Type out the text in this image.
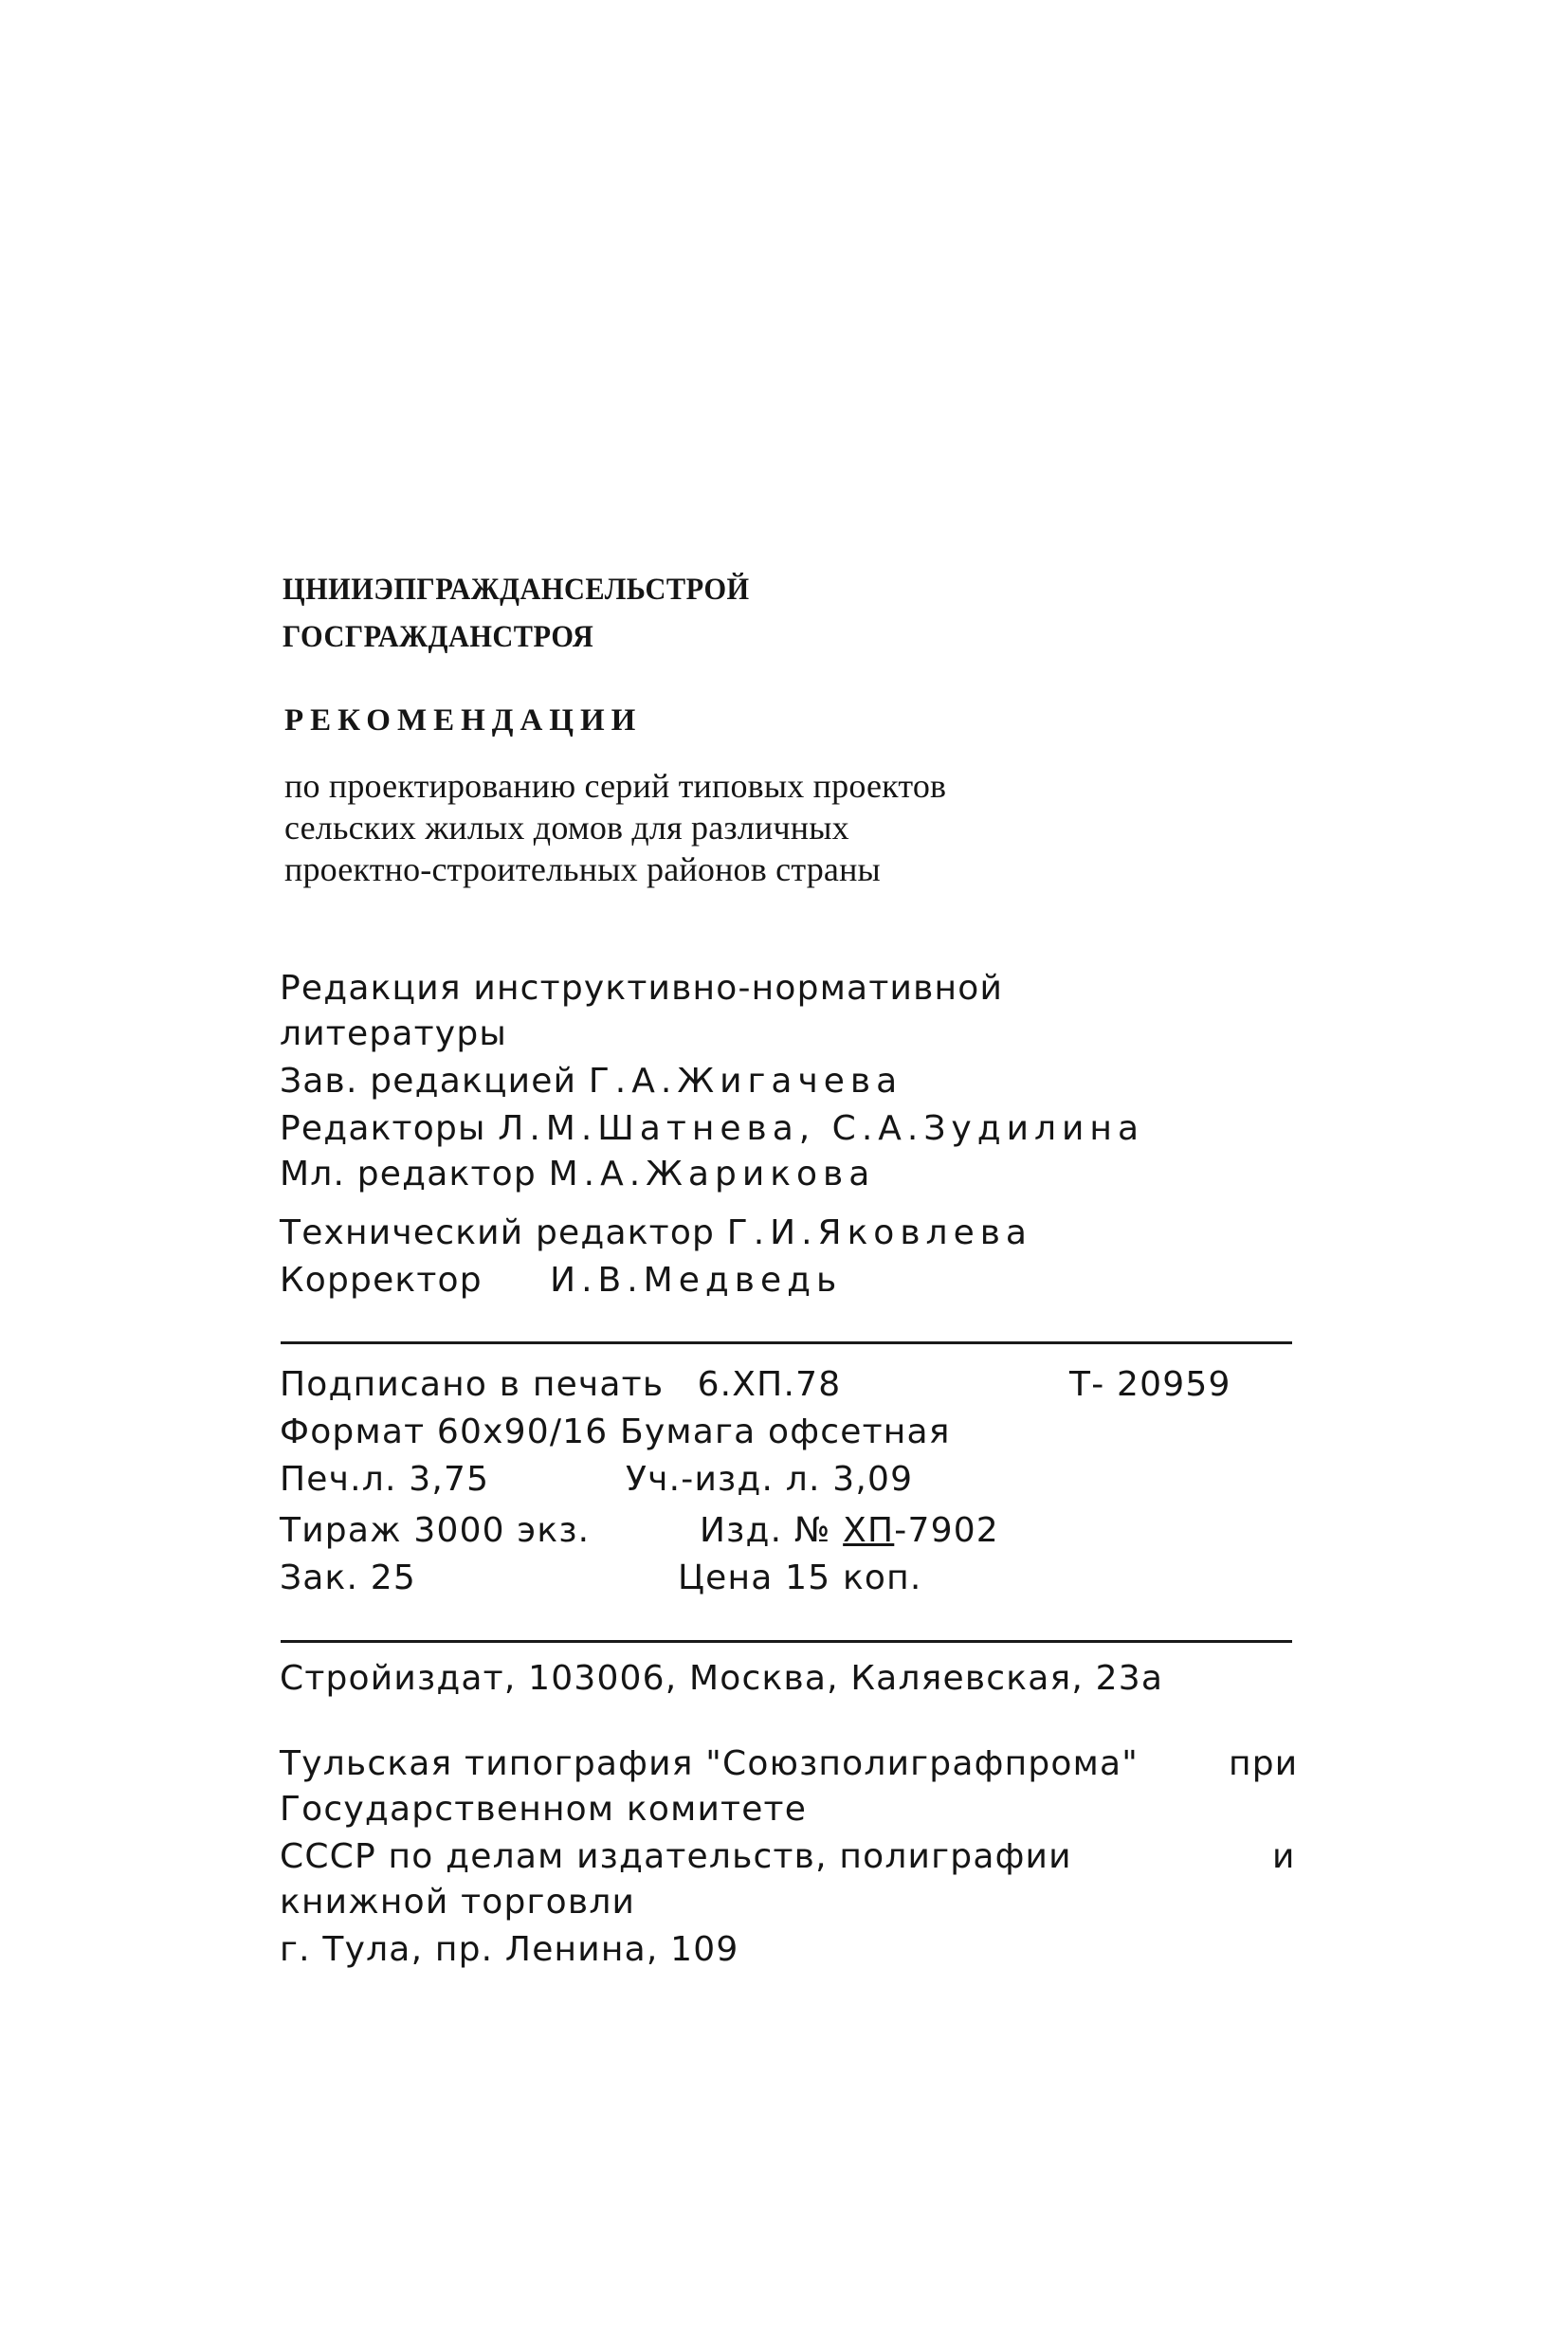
ЦНИИЭПГРАЖДАНСЕЛЬСТРОЙ
ГОСГРАЖДАНСТРОЯ
РЕКОМЕНДАЦИИ
по проектированию серий типовых проектов
сельских жилых домов для различных
проектно-строительных районов страны
Редакция инструктивно-нормативной
литературы
Зав. редакцией Г.А.Жигачева
Редакторы Л.М.Шатнева, С.А.Зудилина
Мл. редактор М.А.Жарикова
Технический редактор Г.И.Яковлева
Корректор И.В.Медведь
Подписано в печать 6.ХП.78	Т- 20959
Формат 60х90/16 Бумага офсетная
Печ.л. 3,75	Уч.-изд. л. 3,09
Тираж 3000 экз.	Изд. № ХП-7902
Зак. 25	Цена 15 коп.
Стройиздат, 103006, Москва, Каляевская, 23а
Тульская типография "Союзполиграфпрома"	при
Государственном комитете
СССР по делам издательств, полиграфии	и
книжной торговли
г. Тула, пр. Ленина, 109
